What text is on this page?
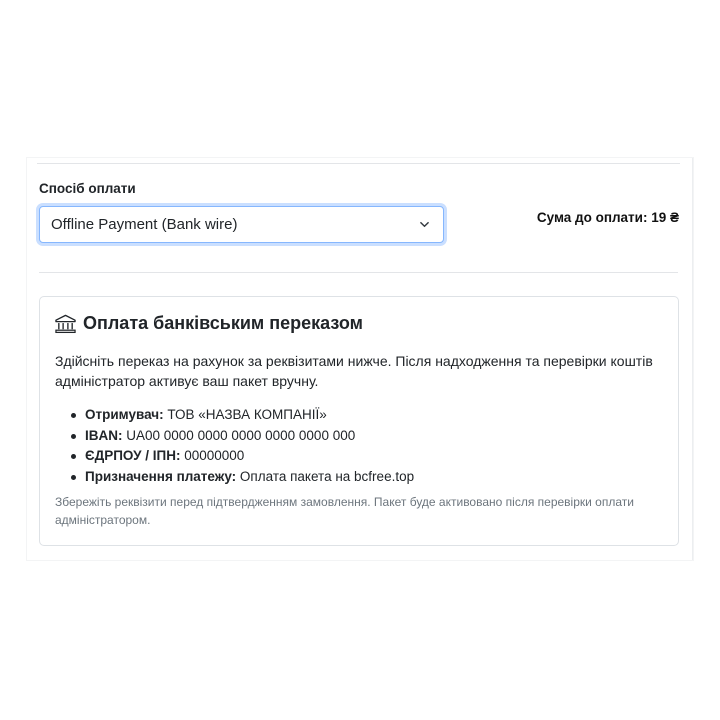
Спосіб оплати
Offline Payment (Bank wire)	Сума до оплати: 19 ₴
Оплата банківським переказом
Здійсніть переказ на рахунок за реквізитами нижче. Після надходження та перевірки коштів адміністратор активує ваш пакет вручну.
Отримувач: ТОВ «НАЗВА КОМПАНІЇ»
IBAN: UA00 0000 0000 0000 0000 0000 000
ЄДРПОУ / ІПН: 00000000
Призначення платежу: Оплата пакета на bcfree.top
Збережіть реквізити перед підтвердженням замовлення. Пакет буде активовано після перевірки оплати адміністратором.
